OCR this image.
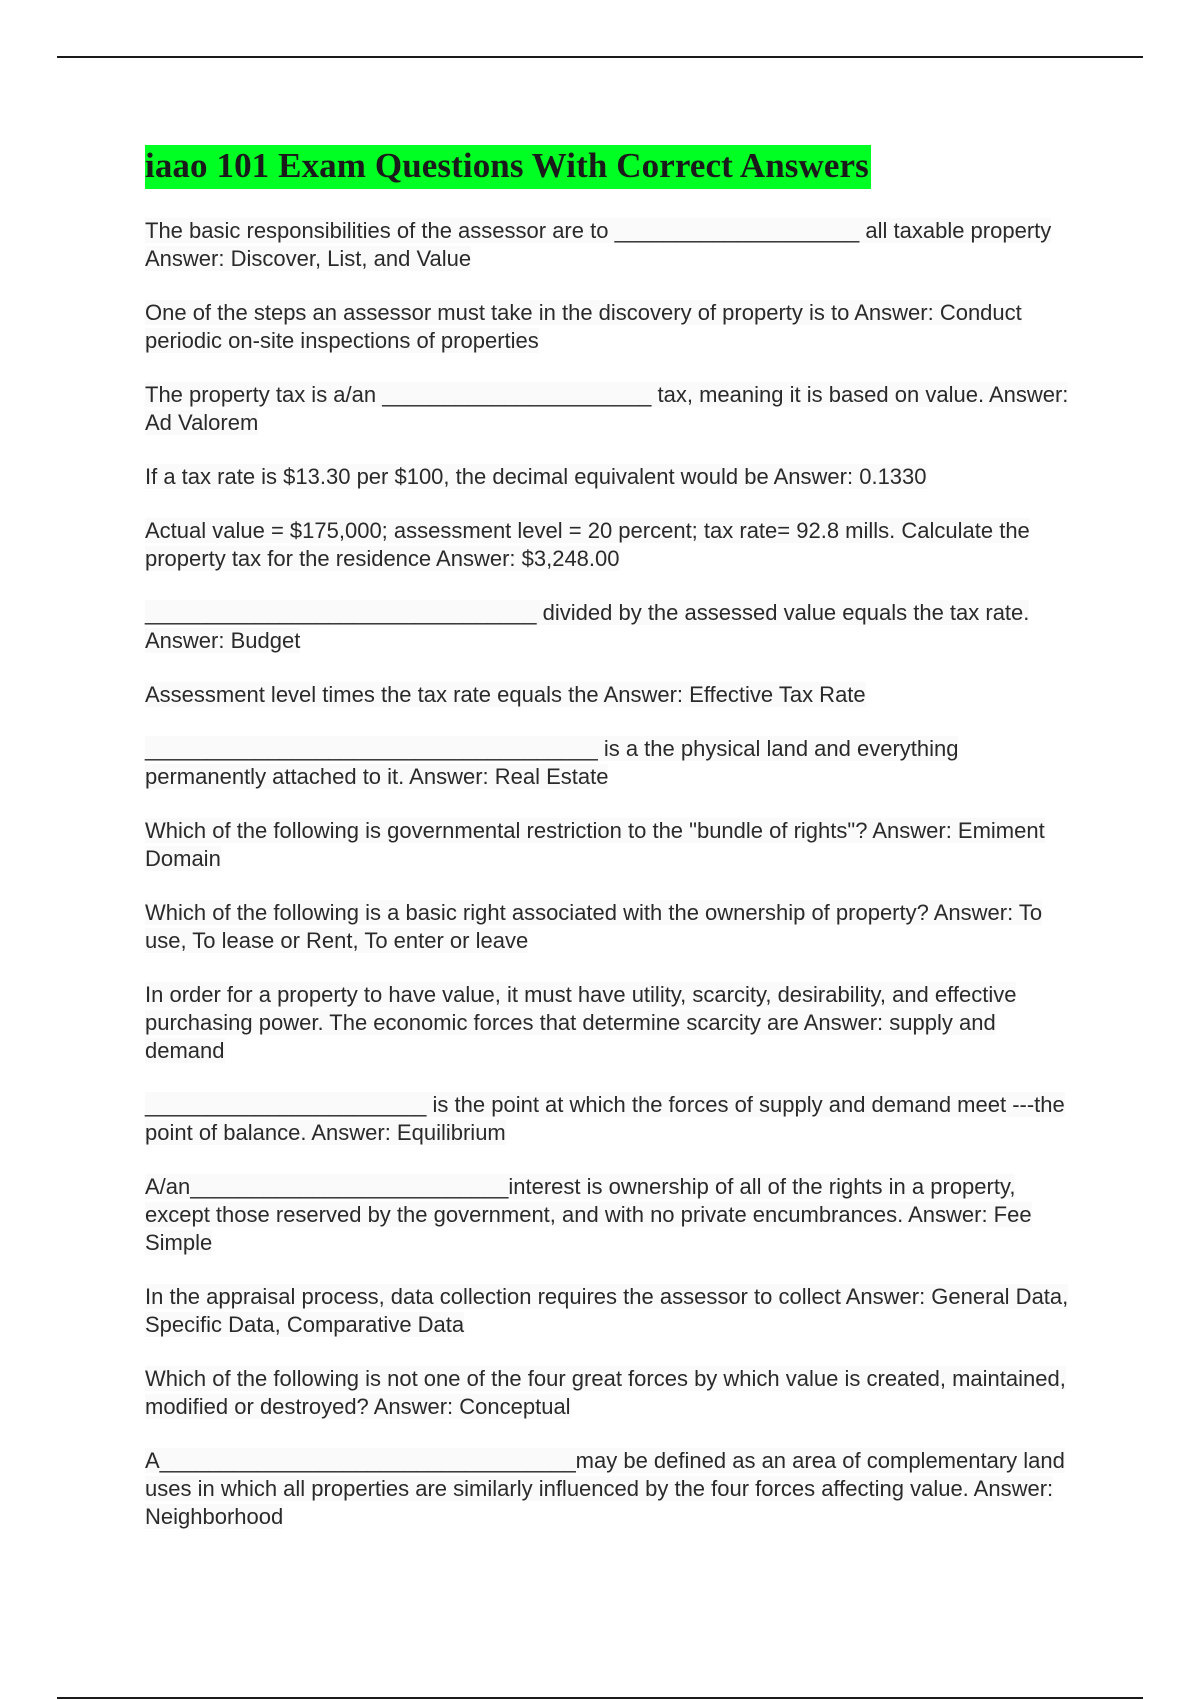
iaao 101 Exam Questions With Correct Answers

The basic responsibilities of the assessor are to ____________________ all taxable property Answer: Discover, List, and Value

One of the steps an assessor must take in the discovery of property is to Answer: Conduct periodic on-site inspections of properties

The property tax is a/an ______________________ tax, meaning it is based on value. Answer: Ad Valorem

If a tax rate is $13.30 per $100, the decimal equivalent would be Answer: 0.1330

Actual value = $175,000; assessment level = 20 percent; tax rate= 92.8 mills. Calculate the property tax for the residence Answer: $3,248.00

________________________________ divided by the assessed value equals the tax rate. Answer: Budget

Assessment level times the tax rate equals the Answer: Effective Tax Rate

_____________________________________ is a the physical land and everything permanently attached to it. Answer: Real Estate

Which of the following is governmental restriction to the "bundle of rights"? Answer: Emiment Domain

Which of the following is a basic right associated with the ownership of property? Answer: To use, To lease or Rent, To enter or leave

In order for a property to have value, it must have utility, scarcity, desirability, and effective purchasing power. The economic forces that determine scarcity are Answer: supply and demand

_______________________ is the point at which the forces of supply and demand meet ---the point of balance. Answer: Equilibrium

A/an__________________________interest is ownership of all of the rights in a property, except those reserved by the government, and with no private encumbrances. Answer: Fee Simple

In the appraisal process, data collection requires the assessor to collect Answer: General Data, Specific Data, Comparative Data

Which of the following is not one of the four great forces by which value is created, maintained, modified or destroyed? Answer: Conceptual

A__________________________________may be defined as an area of complementary land uses in which all properties are similarly influenced by the four forces affecting value. Answer: Neighborhood
